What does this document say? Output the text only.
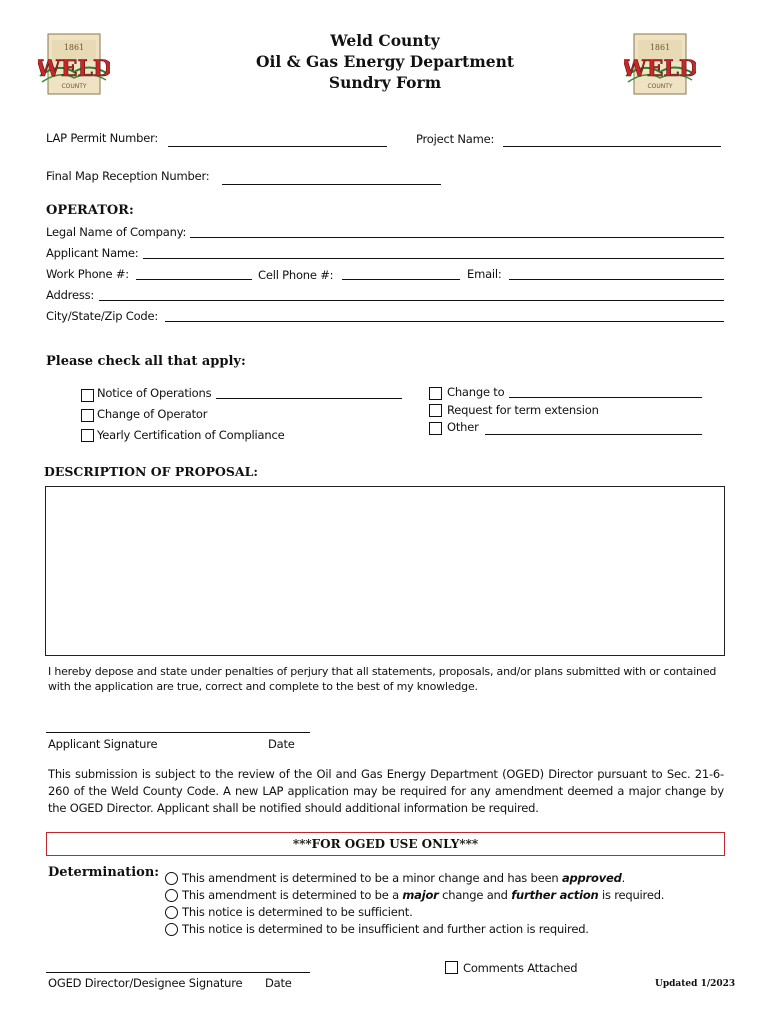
1861
WELD
COUNTY
1861
WELD
COUNTY
Weld County
Oil & Gas Energy Department
Sundry Form
LAP Permit Number:	Project Name:
Final Map Reception Number:
OPERATOR:
Legal Name of Company:
Applicant Name:
Work Phone #:	Cell Phone #:	Email:
Address:
City/State/Zip Code:
Please check all that apply:
Notice of Operations
Change of Operator
Yearly Certification of Compliance
Change to
Request for term extension
Other
DESCRIPTION OF PROPOSAL:
I hereby depose and state under penalties of perjury that all statements, proposals, and/or plans submitted with or contained with the application are true, correct and complete to the best of my knowledge.
Applicant Signature	Date
This submission is subject to the review of the Oil and Gas Energy Department (OGED) Director pursuant to Sec. 21-6-260 of the Weld County Code. A new LAP application may be required for any amendment deemed a major change by the OGED Director. Applicant shall be notified should additional information be required.
***FOR OGED USE ONLY***
Determination: This amendment is determined to be a minor change and has been approved.
This amendment is determined to be a major change and further action is required.
This notice is determined to be sufficient.
This notice is determined to be insufficient and further action is required.
Comments Attached
OGED Director/Designee Signature Date	Updated 1/2023
